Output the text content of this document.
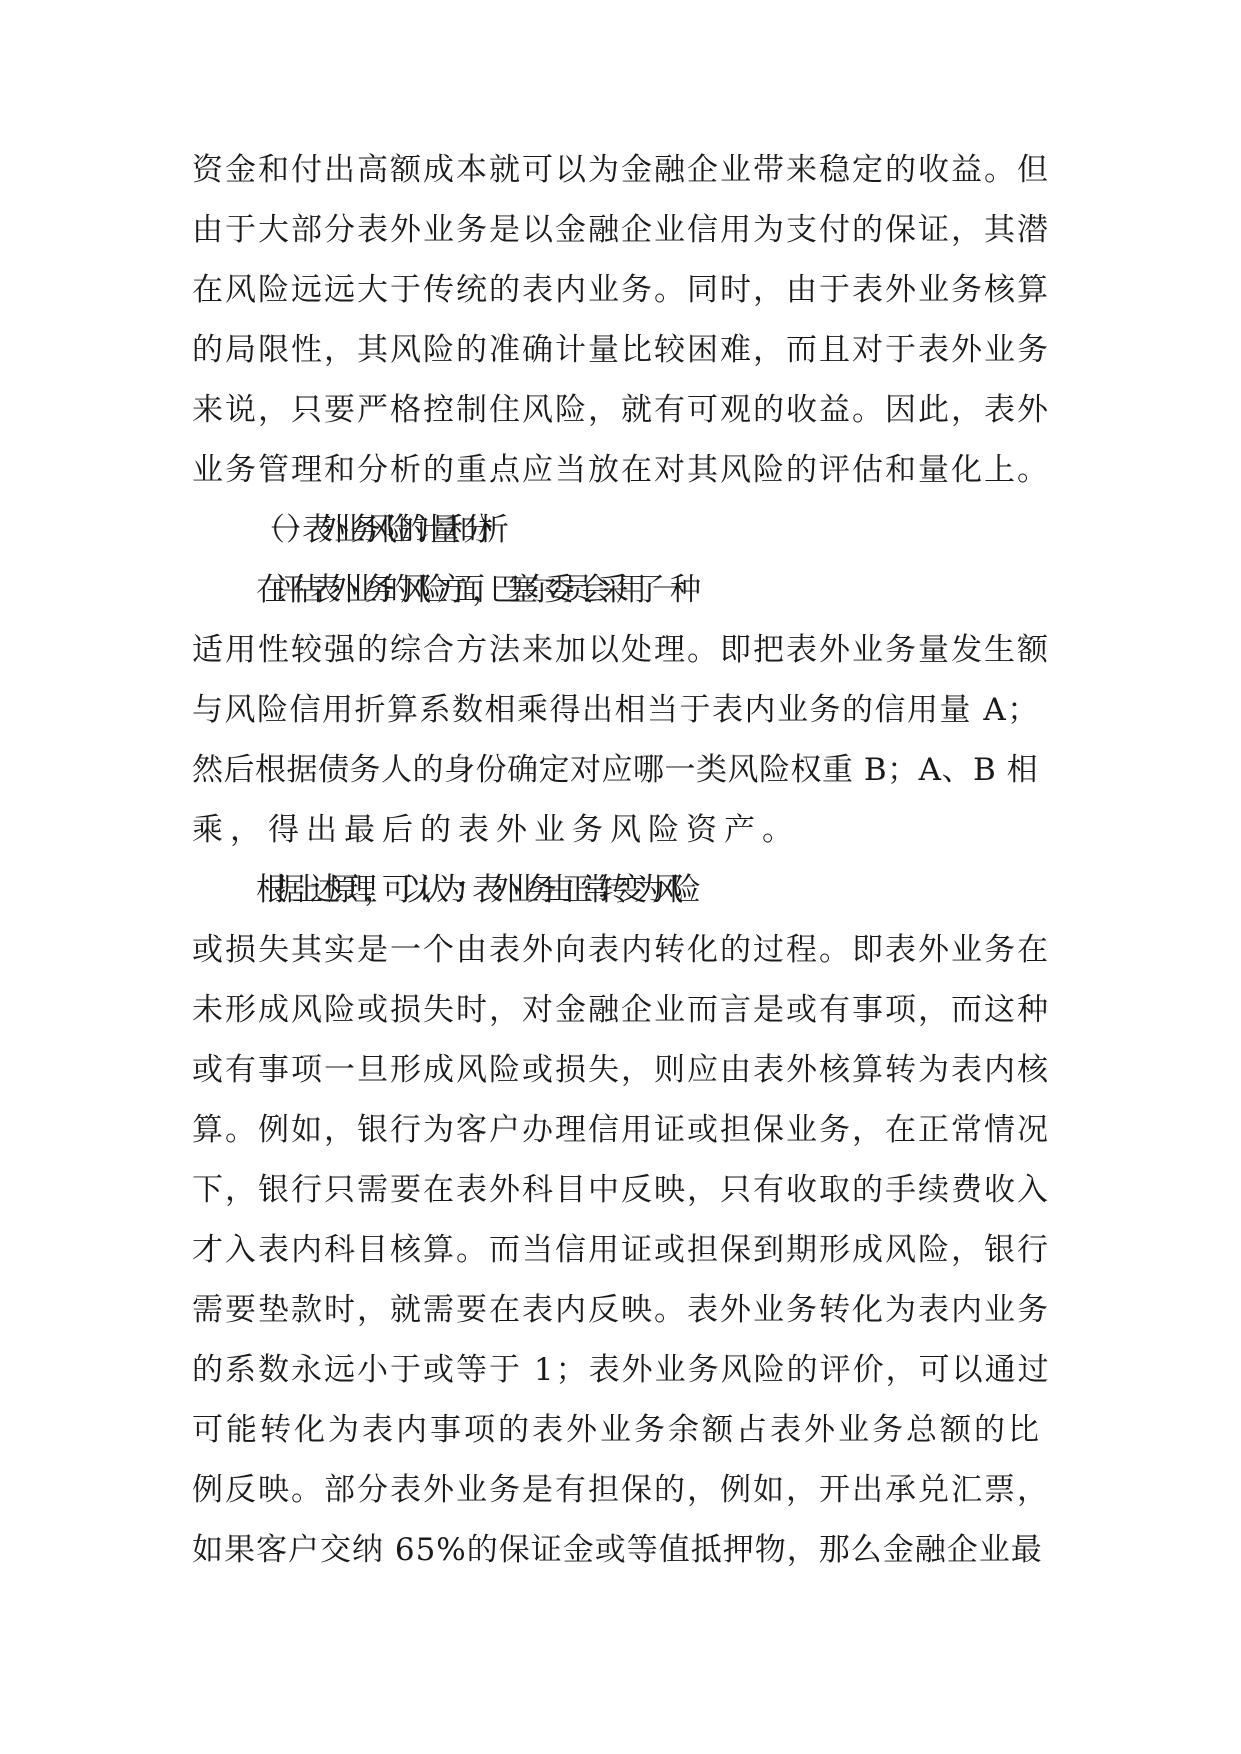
资金和付出高额成本就可以为金融企业带来稳定的收益。但
由于大部分表外业务是以金融企业信用为支付的保证，其潜
在风险远远大于传统的表内业务。同时，由于表外业务核算
的局限性，其风险的准确计量比较困难，而且对于表外业务
来说，只要严格控制住风险，就有可观的收益。因此，表外
业务管理和分析的重点应当放在对其风险的评估和量化上。
（一）表外业务风险的计量和分析
在评估表外业务的风险方面，巴塞尔委员会采用了一种
适用性较强的综合方法来加以处理。即把表外业务量发生额
与风险信用折算系数相乘得出相当于表内业务的信用量 A；
然后根据债务人的身份确定对应哪一类风险权重 B；A、B 相
乘，得出最后的表外业务风险资产。
根据上述原理，可以认为：表外业务由正常转变为风险
或损失其实是一个由表外向表内转化的过程。即表外业务在
未形成风险或损失时，对金融企业而言是或有事项，而这种
或有事项一旦形成风险或损失，则应由表外核算转为表内核
算。例如，银行为客户办理信用证或担保业务，在正常情况
下，银行只需要在表外科目中反映，只有收取的手续费收入
才入表内科目核算。而当信用证或担保到期形成风险，银行
需要垫款时，就需要在表内反映。表外业务转化为表内业务
的系数永远小于或等于 1；表外业务风险的评价，可以通过
可能转化为表内事项的表外业务余额占表外业务总额的比
例反映。部分表外业务是有担保的，例如，开出承兑汇票，
如果客户交纳 65%的保证金或等值抵押物，那么金融企业最
